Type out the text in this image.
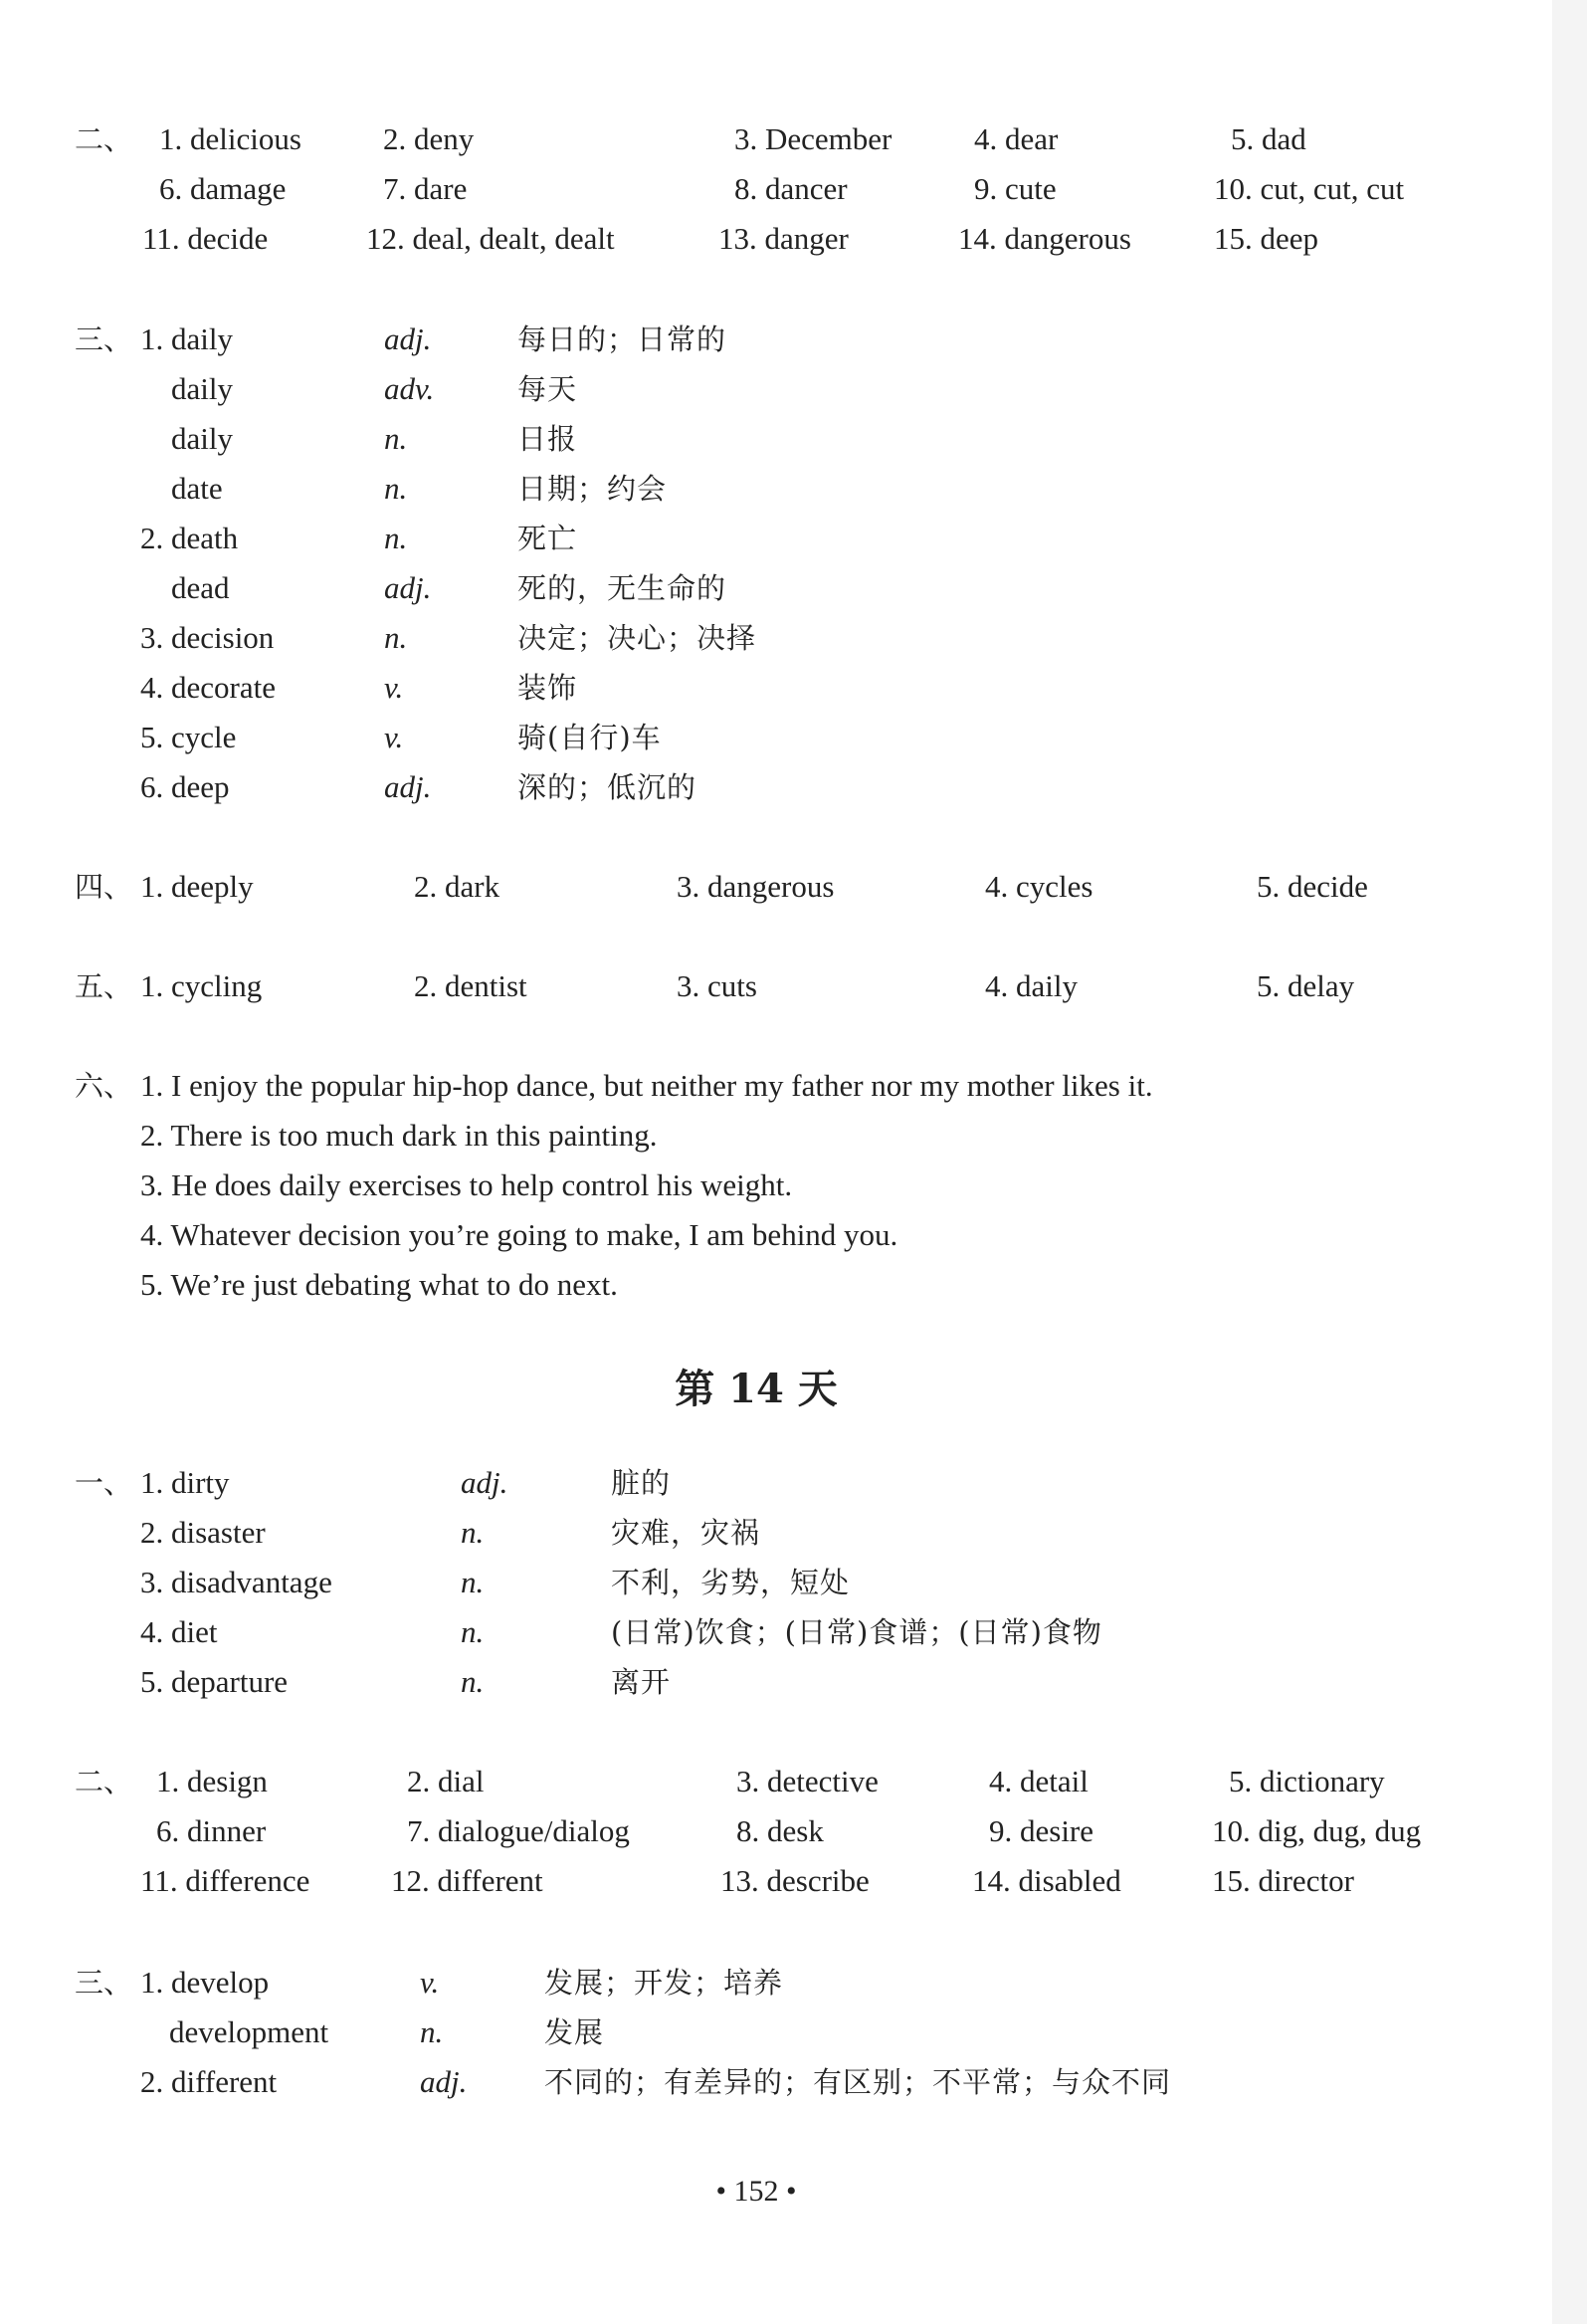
二、 1. delicious	2. deny	3. December	4. dear	5. dad
6. damage	7. dare	8. dancer	9. cute	10. cut, cut, cut
11. decide	12. deal, dealt, dealt	13. danger	14. dangerous	15. deep
三、 1. daily	adj.	每日的；日常的
daily	adv.	每天
daily	n.	日报
date	n.	日期；约会
2. death	n.	死亡
dead	adj.	死的，无生命的
3. decision	n.	决定；决心；决择
4. decorate	v.	装饰
5. cycle	v.	骑(自行)车
6. deep	adj.	深的；低沉的
四、 1. deeply	2. dark	3. dangerous	4. cycles	5. decide
五、 1. cycling	2. dentist	3. cuts	4. daily	5. delay
六、 1. I enjoy the popular hip-hop dance, but neither my father nor my mother likes it.
2. There is too much dark in this painting.
3. He does daily exercises to help control his weight.
4. Whatever decision you’re going to make, I am behind you.
5. We’re just debating what to do next.
第 14 天
一、 1. dirty	adj.	脏的
2. disaster	n.	灾难，灾祸
3. disadvantage	n.	不利，劣势，短处
4. diet	n.	(日常)饮食；(日常)食谱；(日常)食物
5. departure	n.	离开
二、 1. design	2. dial	3. detective	4. detail	5. dictionary
6. dinner	7. dialogue/dialog	8. desk	9. desire	10. dig, dug, dug
11. difference	12. different	13. describe	14. disabled	15. director
三、 1. develop	v.	发展；开发；培养
development	n.	发展
2. different	adj.	不同的；有差异的；有区别；不平常；与众不同
• 152 •
